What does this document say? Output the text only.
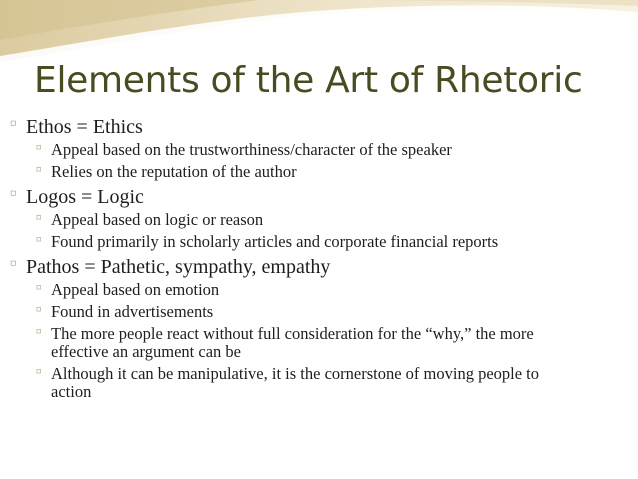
Elements of the Art of Rhetoric
⸋ Ethos = Ethics
⸋ Appeal based on the trustworthiness/character of the speaker
⸋ Relies on the reputation of the author
⸋ Logos = Logic
⸋ Appeal based on logic or reason
⸋ Found primarily in scholarly articles and corporate financial reports
⸋ Pathos = Pathetic, sympathy, empathy
⸋ Appeal based on emotion
⸋ Found in advertisements
⸋ The more people react without full consideration for the “why,” the more effective an argument can be
⸋ Although it can be manipulative, it is the cornerstone of moving people to action
